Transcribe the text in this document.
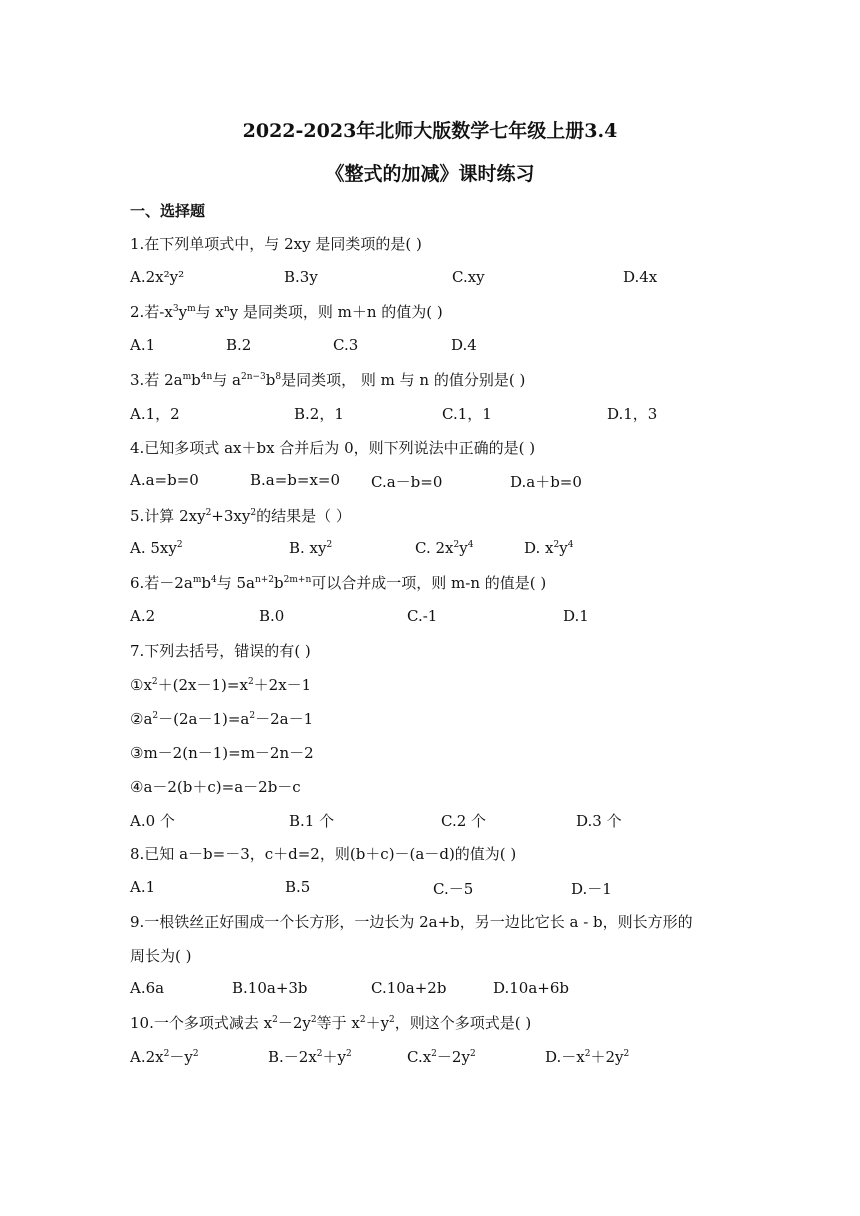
2022-2023年北师大版数学七年级上册3.4
《整式的加减》课时练习
一、选择题
1.在下列单项式中，与 2xy 是同类项的是( )
A.2x²y²	B.3y	C.xy	D.4x
2.若$-x^3y^m$与 $x^ny$ 是同类项，则 m＋n 的值为( )
A.1	B.2	C.3	D.4
3.若 $2a^mb^{4n}$与 $a^{2n-3}b^8$是同类项， 则 m 与 n 的值分别是( )
A.1，2	B.2，1	C.1，1	D.1，3
4.已知多项式 ax＋bx 合并后为 0，则下列说法中正确的是( )
A.a=b=0	B.a=b=x=0 C.a－b=0	D.a＋b=0
5.计算 $2xy^2+3xy^2$的结果是（ ）
A. $5xy^2$	B. $xy^2$	C. $2x^2y^4$	D. $x^2y^4$
6.若$-2a^mb^4$与 $5a^{n+2}b^{2m+n}$可以合并成一项，则 m-n 的值是( )
A.2	B.0	C.-1	D.1
7.下列去括号，错误的有( )
$①x^2+(2x-1)=x^2+2x-1$
$②a^2-(2a-1)=a^2-2a-1$
③m－2(n－1)=m－2n－2
④a－2(b＋c)=a－2b－c
A.0 个	B.1 个	C.2 个	D.3 个
8.已知 a－b=－3，c＋d=2，则(b＋c)－(a－d)的值为( )
A.1	B.5	C.－5	D.－1
9.一根铁丝正好围成一个长方形，一边长为 2a+b，另一边比它长 a - b，则长方形的
周长为( )
A.6a	B.10a+3b	C.10a+2b	D.10a+6b
10.一个多项式减去 $x^2-2y^2$等于 $x^2+y^2$，则这个多项式是( )
$A.2x^2-y^2$	$B.-2x^2+y^2$	$C.x^2-2y^2$	$D.-x^2+2y^2$
